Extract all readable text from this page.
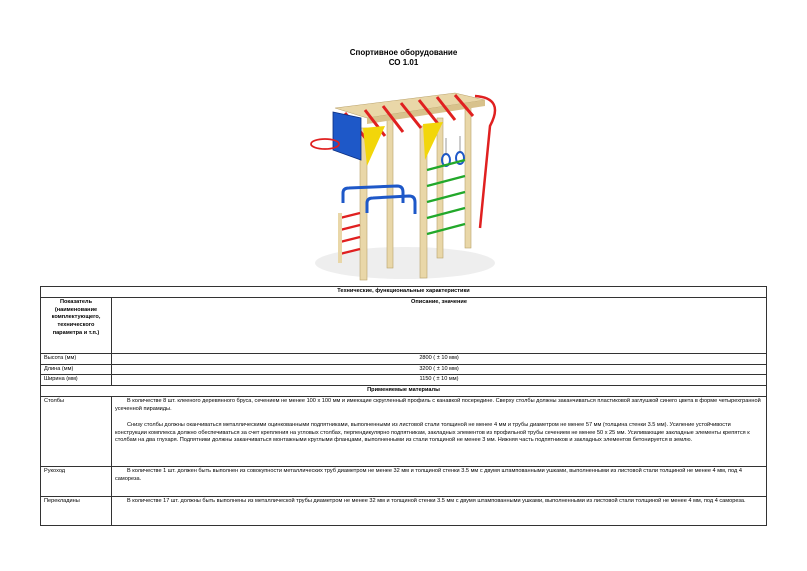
Спортивное оборудование
СО 1.01
Технические, функциональные характеристики	
Показатель (наименование комплектующего, технического параметра и т.п.)	Описание, значение
Высота (мм)	2800 ( ± 10 мм)
Длина (мм)	3200 ( ± 10 мм)
Ширина (мм)	1150 ( ± 10 мм)
Применяемые материалы	
Столбы	В количестве 8 шт. клееного деревянного бруса, сечением не менее 100 х 100 мм и имеющие скругленный профиль с канавкой посередине. Сверху столбы должны заканчиваться пластиковой заглушкой синего цвета в форме четырехгранной усеченной пирамиды.

Снизу столбы должны оканчиваться металлическими оцинкованными подпятниками, выполненными из листовой стали толщиной не менее 4 мм и трубы диаметром не менее 57 мм (толщина стенки 3.5 мм). Усиление устойчивости конструкции комплекса должно обеспечиваться за счет крепления на угловых столбах, перпендикулярно подпятникам, закладных элементов из профильной трубы сечением не менее 50 х 25 мм. Усиливающие закладные элементы крепятся к столбам на два глухаря. Подпятники должны заканчиваться монтажными круглыми фланцами, выполненными из стали толщиной не менее 3 мм. Нижняя часть подпятников и закладных элементов бетонируется в землю.

Рукоход	В количестве 1 шт. должен быть выполнен из совокупности металлических труб диаметром не менее 32 мм и толщиной стенки 3.5 мм с двумя штампованными ушками, выполненными из листовой стали толщиной не менее 4 мм, под 4 самореза.

Перекладины	В количестве 17 шт. должны быть выполнены из металлической трубы диаметром не менее 32 мм и толщиной стенки 3.5 мм с двумя штампованными ушками, выполненными из листовой стали толщиной не менее 4 мм, под 4 самореза.
